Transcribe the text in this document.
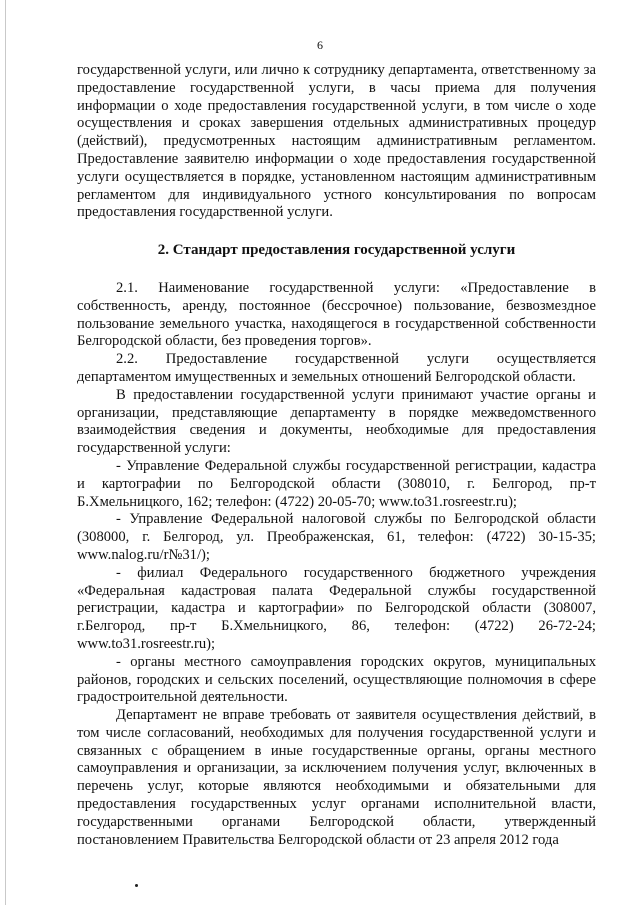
6

государственной услуги, или лично к сотруднику департамента, ответственному за предоставление государственной услуги, в часы приема для получения информации о ходе предоставления государственной услуги, в том числе о ходе осуществления и сроках завершения отдельных административных процедур (действий), предусмотренных настоящим административным регламентом. Предоставление заявителю информации о ходе предоставления государственной услуги осуществляется в порядке, установленном настоящим административным регламентом для индивидуального устного консультирования по вопросам предоставления государственной услуги.

2. Стандарт предоставления государственной услуги

2.1. Наименование государственной услуги: «Предоставление в собственность, аренду, постоянное (бессрочное) пользование, безвозмездное пользование земельного участка, находящегося в государственной собственности Белгородской области, без проведения торгов».

2.2. Предоставление государственной услуги осуществляется департаментом имущественных и земельных отношений Белгородской области.

В предоставлении государственной услуги принимают участие органы и организации, представляющие департаменту в порядке межведомственного взаимодействия сведения и документы, необходимые для предоставления государственной услуги:

- Управление Федеральной службы государственной регистрации, кадастра и картографии по Белгородской области (308010, г. Белгород, пр-т Б.Хмельницкого, 162; телефон: (4722) 20-05-70; www.to31.rosreestr.ru);

- Управление Федеральной налоговой службы по Белгородской области (308000, г. Белгород, ул. Преображенская, 61, телефон: (4722) 30-15-35; www.nalog.ru/r№31/);

- филиал Федерального государственного бюджетного учреждения «Федеральная кадастровая палата Федеральной службы государственной регистрации, кадастра и картографии» по Белгородской области (308007, г.Белгород, пр-т Б.Хмельницкого, 86, телефон: (4722) 26-72-24; www.to31.rosreestr.ru);

- органы местного самоуправления городских округов, муниципальных районов, городских и сельских поселений, осуществляющие полномочия в сфере градостроительной деятельности.

Департамент не вправе требовать от заявителя осуществления действий, в том числе согласований, необходимых для получения государственной услуги и связанных с обращением в иные государственные органы, органы местного самоуправления и организации, за исключением получения услуг, включенных в перечень услуг, которые являются необходимыми и обязательными для предоставления государственных услуг органами исполнительной власти, государственными органами Белгородской области, утвержденный постановлением Правительства Белгородской области от 23 апреля 2012 года
